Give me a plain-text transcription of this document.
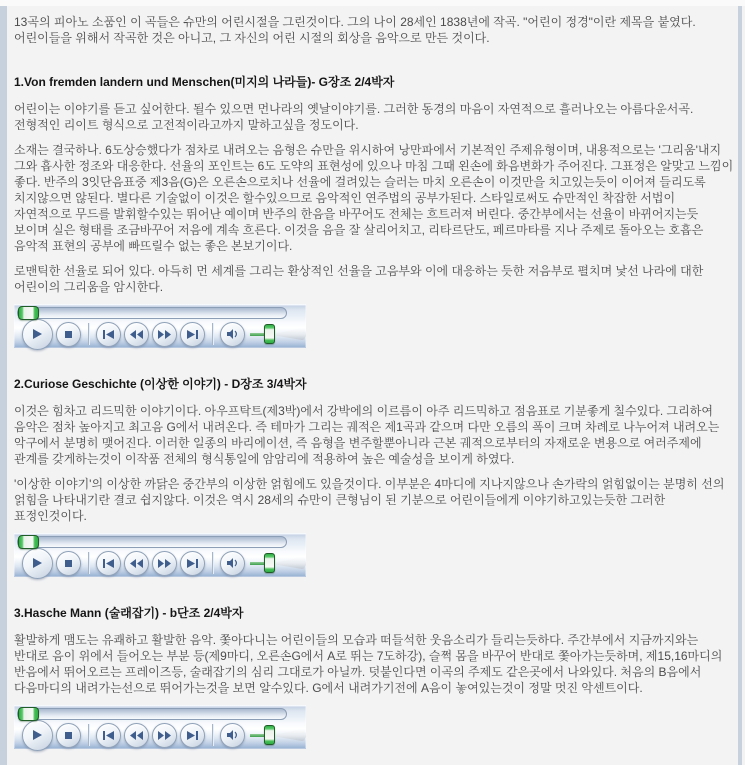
13곡의 피아노 소품인 이 곡들은 슈만의 어린시절을 그린것이다. 그의 나이 28세인 1838년에 작곡. "어린이 정경"이란 제목을 붙였다. 어린이들을 위해서 작곡한 것은 아니고, 그 자신의 어린 시절의 회상을 음악으로 만든 것이다.

1.Von fremden landern und Menschen(미지의 나라들)- G장조 2/4박자

어린이는 이야기를 듣고 싶어한다. 될수 있으면 먼나라의 옛날이야기를. 그러한 동경의 마음이 자연적으로 흘러나오는 아름다운서곡. 전형적인 리이트 형식으로 고전적이라고까지 말하고싶을 정도이다.

소재는 결국하나. 6도상승했다가 점차로 내려오는 음형은 슈만을 위시하여 낭만파에서 기본적인 주제유형이며, 내용적으로는 '그리움'내지 그와 흡사한 정조와 대응한다. 선율의 포인트는 6도 도약의 표현성에 있으나 마침 그때 왼손에 화음변화가 주어진다. 그표정은 알맞고 느낌이 좋다. 반주의 3잇단음표중 제3음(G)은 오른손으로치나 선율에 걸려있는 슬러는 마치 오른손이 이것만을 치고있는듯이 이어져 들리도록 치지않으면 않된다. 별다른 기술없이 이것은 할수있으므로 음악적인 연주법의 공부가된다. 스타일로써도 슈만적인 착잡한 서법이 자연적으로 무드를 발휘할수있는 뛰어난 예이며 반주의 한음을 바꾸어도 전체는 흐트러져 버린다. 중간부에서는 선율이 바뀌어지는듯 보이며 실은 형태를 조금바꾸어 저음에 계속 흐른다. 이것을 음을 잘 살리어치고, 리타르단도, 페르마타를 지나 주제로 돌아오는 호흡은 음악적 표현의 공부에 빠뜨릴수 없는 좋은 본보기이다.

로맨틱한 선율로 되어 있다. 아득히 먼 세계를 그리는 환상적인 선율을 고음부와 이에 대응하는 듯한 저음부로 펼치며 낯선 나라에 대한 어린이의 그리움을 암시한다.

2.Curiose Geschichte (이상한 이야기) - D장조 3/4박자

이것은 힘차고 리드믹한 이야기이다. 아우프탁트(제3박)에서 강박에의 이르름이 아주 리드믹하고 점음표로 기분좋게 칠수있다. 그리하여 음악은 점차 높아지고 최고음 G에서 내려온다. 즉 테마가 그리는 궤적은 제1곡과 같으며 다만 오름의 폭이 크며 차례로 나누어져 내려오는 악구에서 분명히 맺어진다. 이러한 일종의 바리에이션, 즉 음형을 변주할뿐아니라 근본 궤적으로부터의 자재로운 변용으로 여러주제에 관계를 갖게하는것이 이작품 전체의 형식통일에 암암리에 적용하여 높은 예술성을 보이게 하였다.

'이상한 이야기'의 이상한 까닭은 중간부의 이상한 얽힘에도 있을것이다. 이부분은 4마디에 지나지않으나 손가락의 얽힘없이는 분명히 선의 얽힘을 나타내기란 결코 쉽지않다. 이것은 역시 28세의 슈만이 큰형님이 된 기분으로 어린이들에게 이야기하고있는듯한 그러한 표정인것이다.

3.Hasche Mann (술래잡기) - b단조 2/4박자

활발하게 맴도는 유쾌하고 활발한 음악. 쫓아다니는 어린이들의 모습과 떠들석한 웃음소리가 들리는듯하다. 주간부에서 지금까지와는 반대로 음이 위에서 들어오는 부분 등(제9마디, 오른손G에서 A로 뛰는 7도하강), 슬쩍 몸을 바꾸어 반대로 쫓아가는듯하며, 제15,16마디의 반음에서 뛰어오르는 프레이즈등, 술래잡기의 심리 그대로가 아닐까. 덧붙인다면 이곡의 주제도 같은곳에서 나와있다. 처음의 B음에서 다음마디의 내려가는선으로 뛰어가는것을 보면 알수있다. G에서 내려가기전에 A음이 놓여있는것이 정말 멋진 악센트이다.
